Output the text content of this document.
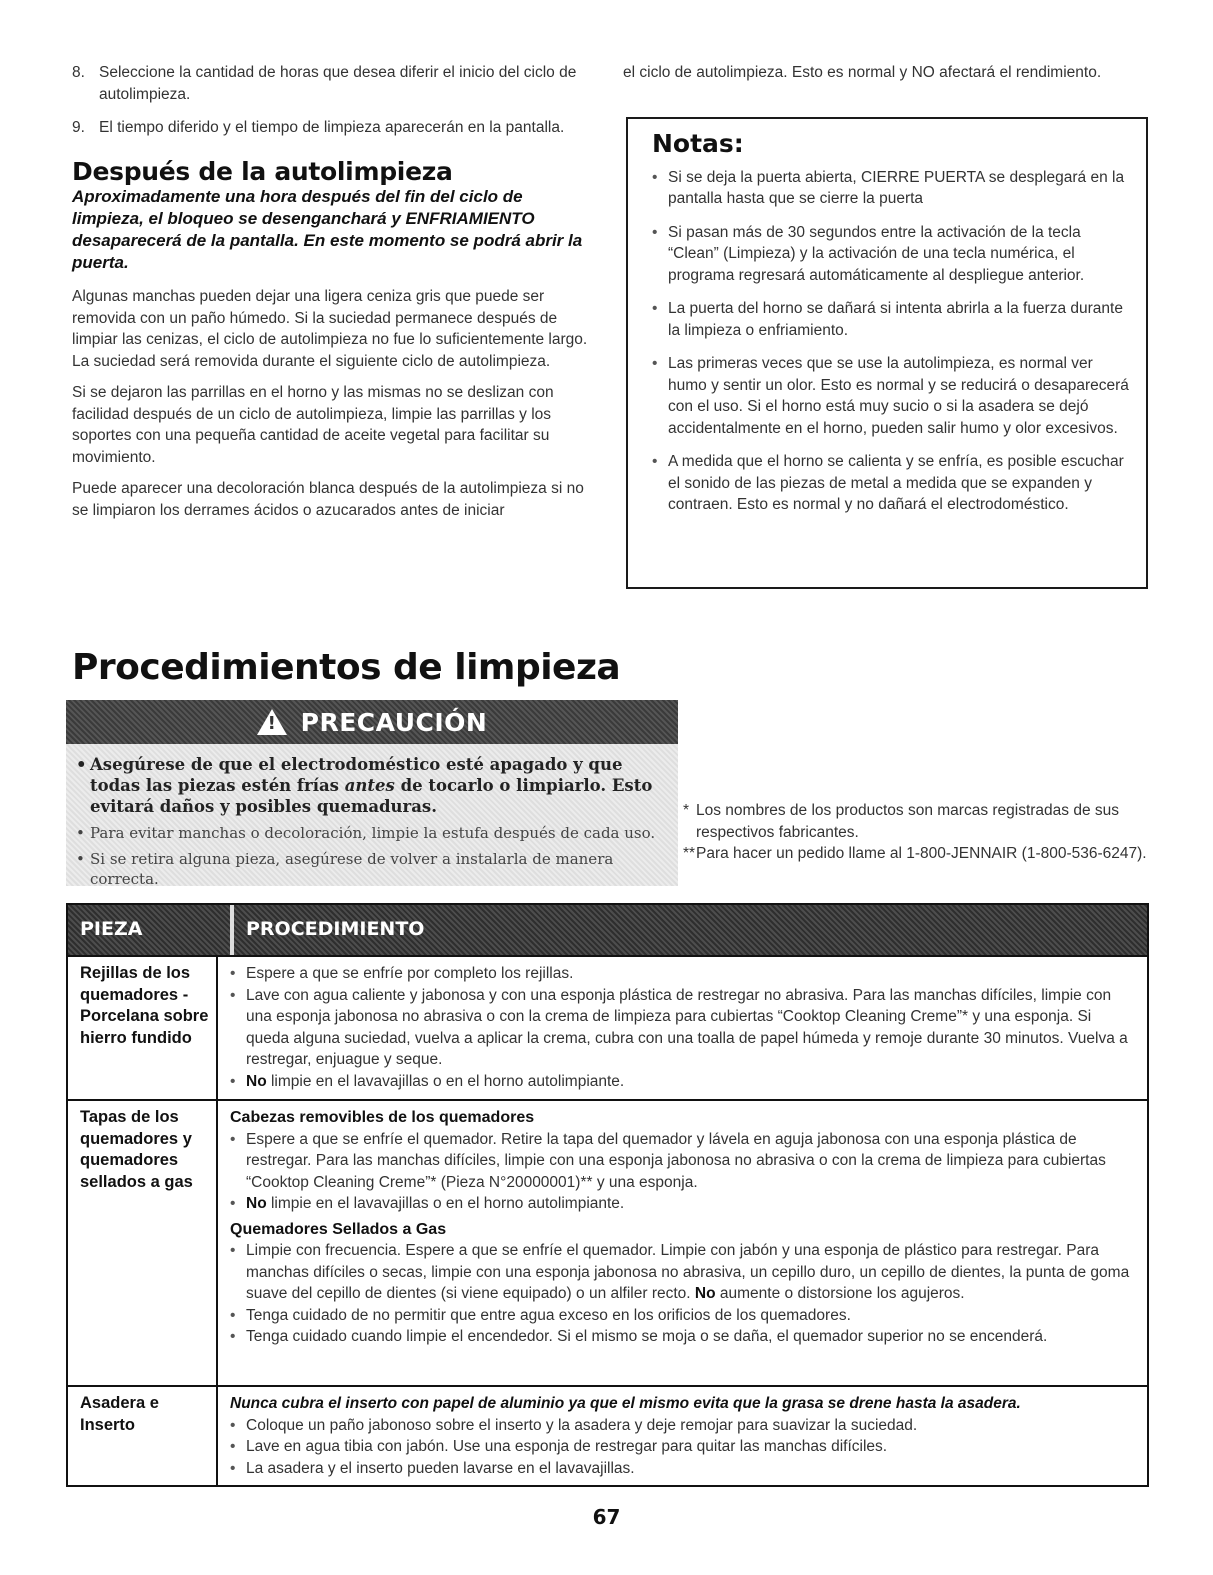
8. Seleccione la cantidad de horas que desea diferir el inicio del ciclo de autolimpieza.
9. El tiempo diferido y el tiempo de limpieza aparecerán en la pantalla.
Después de la autolimpieza

Aproximadamente una hora después del fin del ciclo de limpieza, el bloqueo se desenganchará y ENFRIAMIENTO desaparecerá de la pantalla. En este momento se podrá abrir la puerta.

Algunas manchas pueden dejar una ligera ceniza gris que puede ser removida con un paño húmedo. Si la suciedad permanece después de limpiar las cenizas, el ciclo de autolimpieza no fue lo suficientemente largo. La suciedad será removida durante el siguiente ciclo de autolimpieza.

Si se dejaron las parrillas en el horno y las mismas no se deslizan con facilidad después de un ciclo de autolimpieza, limpie las parrillas y los soportes con una pequeña cantidad de aceite vegetal para facilitar su movimiento.

Puede aparecer una decoloración blanca después de la autolimpieza si no se limpiaron los derrames ácidos o azucarados antes de iniciar

el ciclo de autolimpieza. Esto es normal y NO afectará el rendimiento.
Notas:
• Si se deja la puerta abierta, CIERRE PUERTA se desplegará en la pantalla hasta que se cierre la puerta
• Si pasan más de 30 segundos entre la activación de la tecla “Clean” (Limpieza) y la activación de una tecla numérica, el programa regresará automáticamente al despliegue anterior.
• La puerta del horno se dañará si intenta abrirla a la fuerza durante la limpieza o enfriamiento.
• Las primeras veces que se use la autolimpieza, es normal ver humo y sentir un olor. Esto es normal y se reducirá o desaparecerá con el uso. Si el horno está muy sucio o si la asadera se dejó accidentalmente en el horno, pueden salir humo y olor excesivos.
• A medida que el horno se calienta y se enfría, es posible escuchar el sonido de las piezas de metal a medida que se expanden y contraen. Esto es normal y no dañará el electrodoméstico.
Procedimientos de limpieza
!
PRECAUCIÓN
• Asegúrese de que el electrodoméstico esté apagado y que todas las piezas estén frías antes de tocarlo o limpiarlo. Esto evitará daños y posibles quemaduras.
• Para evitar manchas o decoloración, limpie la estufa después de cada uso.
• Si se retira alguna pieza, asegúrese de volver a instalarla de manera correcta.
* Los nombres de los productos son marcas registradas de sus respectivos fabricantes.
** Para hacer un pedido llame al 1-800-JENNAIR (1-800-536-6247).
PIEZA	PROCEDIMIENTO
Rejillas de los quemadores - Porcelana sobre hierro fundido
• Espere a que se enfríe por completo los rejillas.
• Lave con agua caliente y jabonosa y con una esponja plástica de restregar no abrasiva. Para las manchas difíciles, limpie con una esponja jabonosa no abrasiva o con la crema de limpieza para cubiertas “Cooktop Cleaning Creme”* y una esponja. Si queda alguna suciedad, vuelva a aplicar la crema, cubra con una toalla de papel húmeda y remoje durante 30 minutos. Vuelva a restregar, enjuague y seque.
• No limpie en el lavavajillas o en el horno autolimpiante.
Tapas de los quemadores y quemadores sellados a gas
Cabezas removibles de los quemadores
• Espere a que se enfríe el quemador. Retire la tapa del quemador y lávela en aguja jabonosa con una esponja plástica de restregar. Para las manchas difíciles, limpie con una esponja jabonosa no abrasiva o con la crema de limpieza para cubiertas “Cooktop Cleaning Creme”* (Pieza N°20000001)** y una esponja.
• No limpie en el lavavajillas o en el horno autolimpiante.
Quemadores Sellados a Gas
• Limpie con frecuencia. Espere a que se enfríe el quemador. Limpie con jabón y una esponja de plástico para restregar. Para manchas difíciles o secas, limpie con una esponja jabonosa no abrasiva, un cepillo duro, un cepillo de dientes, la punta de goma suave del cepillo de dientes (si viene equipado) o un alfiler recto. No aumente o distorsione los agujeros.
• Tenga cuidado de no permitir que entre agua exceso en los orificios de los quemadores.
• Tenga cuidado cuando limpie el encendedor. Si el mismo se moja o se daña, el quemador superior no se encenderá.
Asadera e Inserto
Nunca cubra el inserto con papel de aluminio ya que el mismo evita que la grasa se drene hasta la asadera.
• Coloque un paño jabonoso sobre el inserto y la asadera y deje remojar para suavizar la suciedad.
• Lave en agua tibia con jabón. Use una esponja de restregar para quitar las manchas difíciles.
• La asadera y el inserto pueden lavarse en el lavavajillas.
67
